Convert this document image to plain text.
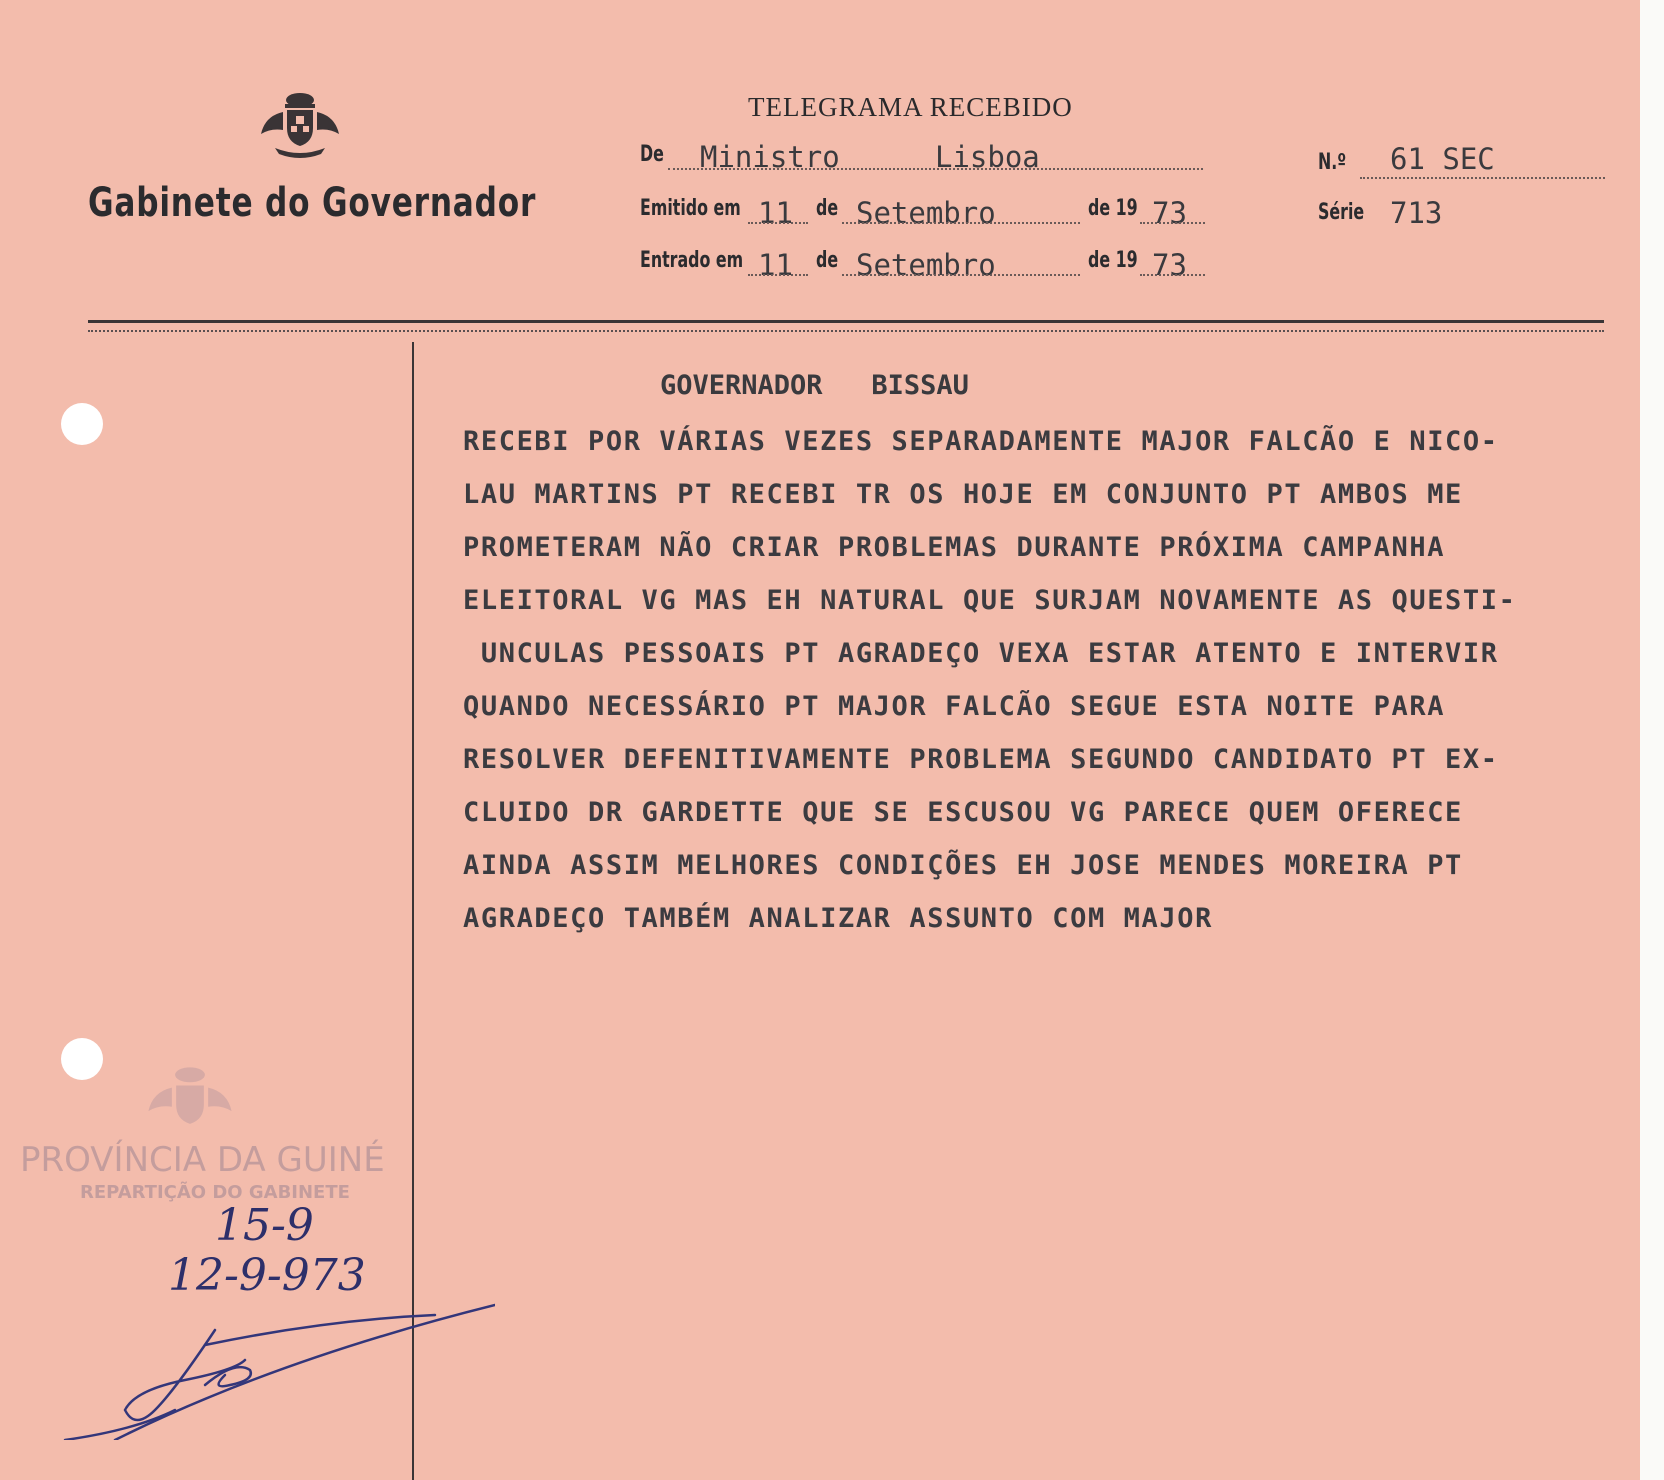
Gabinete do Governador
TELEGRAMA RECEBIDO
De Ministro	Lisboa
Emitido em 11 de Setembro	de 19 73
Entrado em 11 de Setembro	de 19 73
N.º 61 SEC
Série 713
GOVERNADOR   BISSAU
RECEBI POR VÁRIAS VEZES SEPARADAMENTE MAJOR FALCÃO E NICO-
LAU MARTINS PT RECEBI TR OS HOJE EM CONJUNTO PT AMBOS ME
PROMETERAM NÃO CRIAR PROBLEMAS DURANTE PRÓXIMA CAMPANHA
ELEITORAL VG MAS EH NATURAL QUE SURJAM NOVAMENTE AS QUESTI-
UNCULAS PESSOAIS PT AGRADEÇO VEXA ESTAR ATENTO E INTERVIR
QUANDO NECESSÁRIO PT MAJOR FALCÃO SEGUE ESTA NOITE PARA
RESOLVER DEFENITIVAMENTE PROBLEMA SEGUNDO CANDIDATO PT EX-
CLUIDO DR GARDETTE QUE SE ESCUSOU VG PARECE QUEM OFERECE
AINDA ASSIM MELHORES CONDIÇÕES EH JOSE MENDES MOREIRA PT
AGRADEÇO TAMBÉM ANALIZAR ASSUNTO COM MAJOR
PROVÍNCIA DA GUINÉ
REPARTIÇÃO DO GABINETE
15-9
12-9-973
